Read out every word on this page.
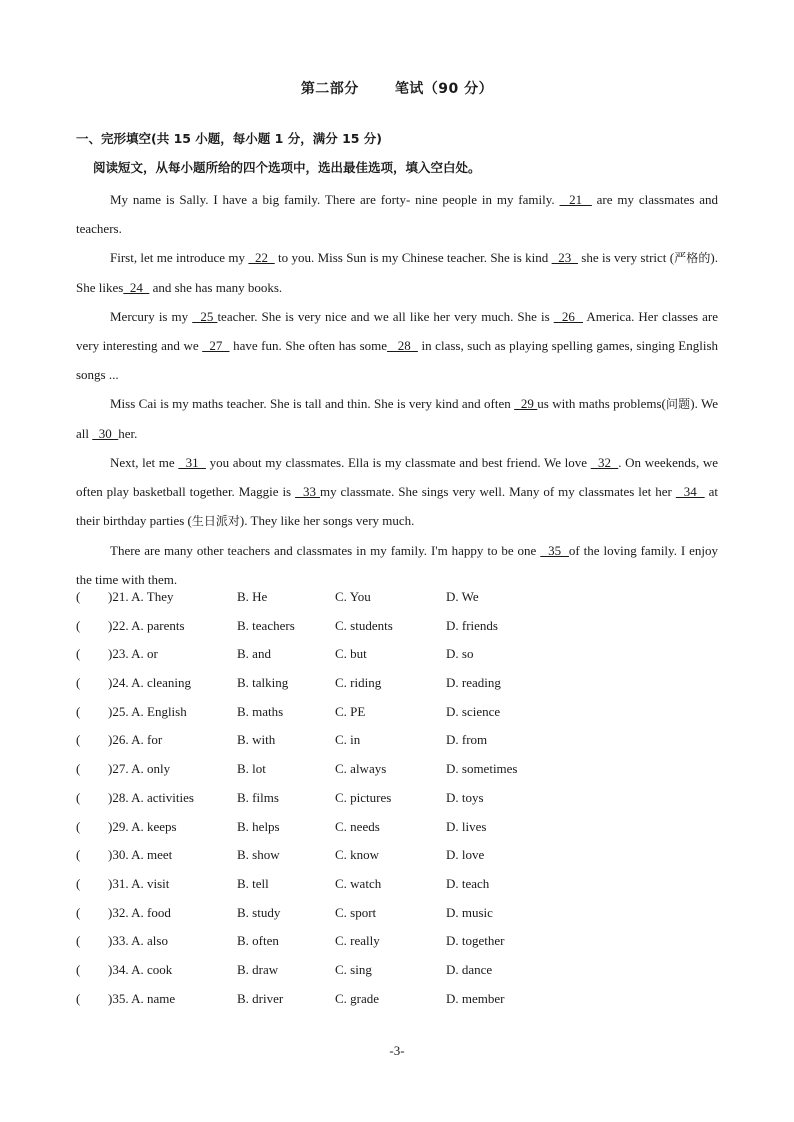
第二部分	笔试（90 分）
一、完形填空(共 15 小题，每小题 1 分，满分 15 分)
阅读短文，从每小题所给的四个选项中，选出最佳选项，填入空白处。

My name is Sally. I have a big family. There are forty- nine people in my family.   21   are my classmates and teachers.

First, let me introduce my   22   to you. Miss Sun is my Chinese teacher. She is kind   23   she is very strict (严格的). She likes  24   and she has many books.

Mercury is my   25 teacher. She is very nice and we all like her very much. She is   26   America. Her classes are very interesting and we   27   have fun. She often has some   28   in class, such as playing spelling games, singing English songs ...

Miss Cai is my maths teacher. She is tall and thin. She is very kind and often   29 us with maths problems(问题). We all   30  her.

Next, let me   31   you about my classmates. Ella is my classmate and best friend. We love   32  . On weekends, we often play basketball together. Maggie is   33 my classmate. She sings very well. Many of my classmates let her   34   at their birthday parties (生日派对). They like her songs very much.

There are many other teachers and classmates in my family. I'm happy to be one   35  of the loving family. I enjoy the time with them.

( )21. A. They	B. He	C. You	D. We
( )22. A. parents	B. teachers	C. students	D. friends
( )23. A. or	B. and	C. but	D. so
( )24. A. cleaning	B. talking	C. riding	D. reading
( )25. A. English	B. maths	C. PE	D. science
( )26. A. for	B. with	C. in	D. from
( )27. A. only	B. lot	C. always	D. sometimes
( )28. A. activities	B. films	C. pictures	D. toys
( )29. A. keeps	B. helps	C. needs	D. lives
( )30. A. meet	B. show	C. know	D. love
( )31. A. visit	B. tell	C. watch	D. teach
( )32. A. food	B. study	C. sport	D. music
( )33. A. also	B. often	C. really	D. together
( )34. A. cook	B. draw	C. sing	D. dance
( )35. A. name	B. driver	C. grade	D. member
-3-
